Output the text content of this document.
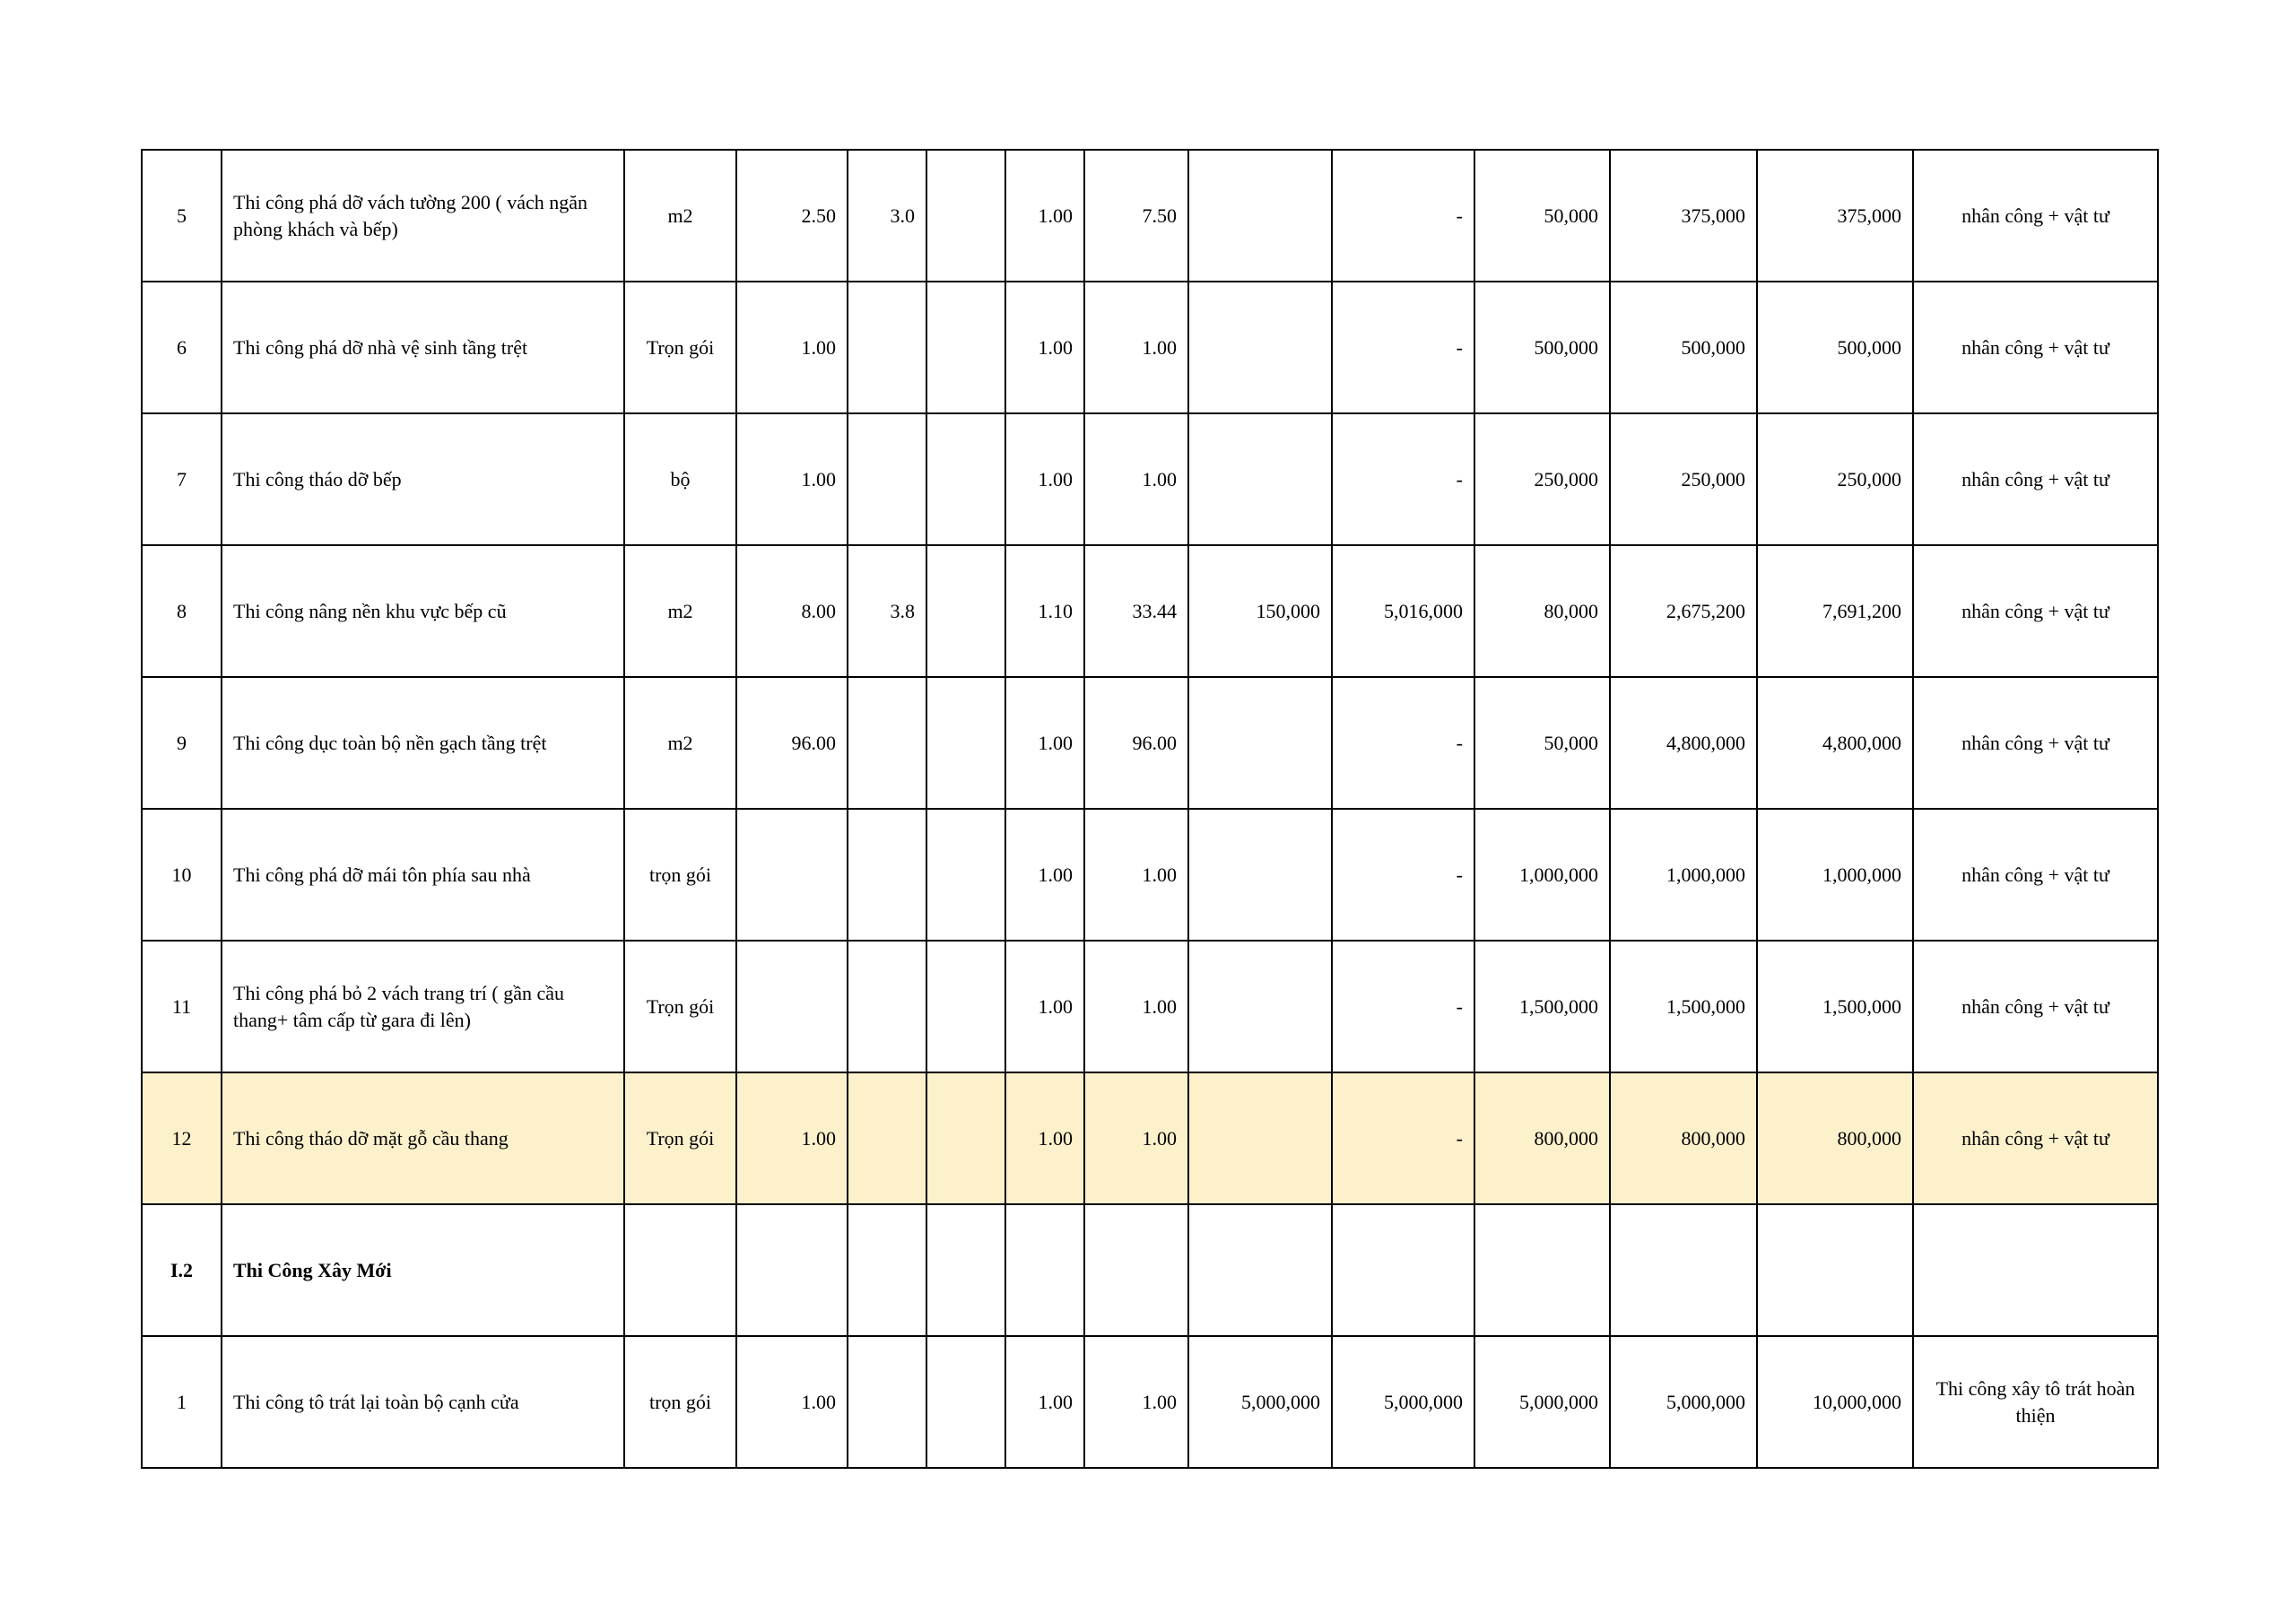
5	Thi công phá dỡ vách tường 200 ( vách ngăn phòng khách và bếp)	m2	2.50	3.0		1.00	7.50		-	50,000	375,000	375,000	nhân công + vật tư
6	Thi công phá dỡ nhà vệ sinh tầng trệt	Trọn gói	1.00			1.00	1.00		-	500,000	500,000	500,000	nhân công + vật tư
7	Thi công tháo dỡ bếp	bộ	1.00			1.00	1.00		-	250,000	250,000	250,000	nhân công + vật tư
8	Thi công nâng nền khu vực bếp cũ	m2	8.00	3.8		1.10	33.44	150,000	5,016,000	80,000	2,675,200	7,691,200	nhân công + vật tư
9	Thi công dục toàn bộ nền gạch tầng trệt	m2	96.00			1.00	96.00		-	50,000	4,800,000	4,800,000	nhân công + vật tư
10	Thi công phá dỡ mái tôn phía sau nhà	trọn gói				1.00	1.00		-	1,000,000	1,000,000	1,000,000	nhân công + vật tư
11	Thi công phá bỏ 2 vách trang trí ( gần cầu thang+ tâm cấp từ gara đi lên)	Trọn gói				1.00	1.00		-	1,500,000	1,500,000	1,500,000	nhân công + vật tư
12	Thi công tháo dỡ mặt gỗ cầu thang	Trọn gói	1.00			1.00	1.00		-	800,000	800,000	800,000	nhân công + vật tư
I.2	Thi Công Xây Mới												
1	Thi công tô trát lại toàn bộ cạnh cửa	trọn gói	1.00			1.00	1.00	5,000,000	5,000,000	5,000,000	5,000,000	10,000,000	Thi công xây tô trát hoàn thiện
